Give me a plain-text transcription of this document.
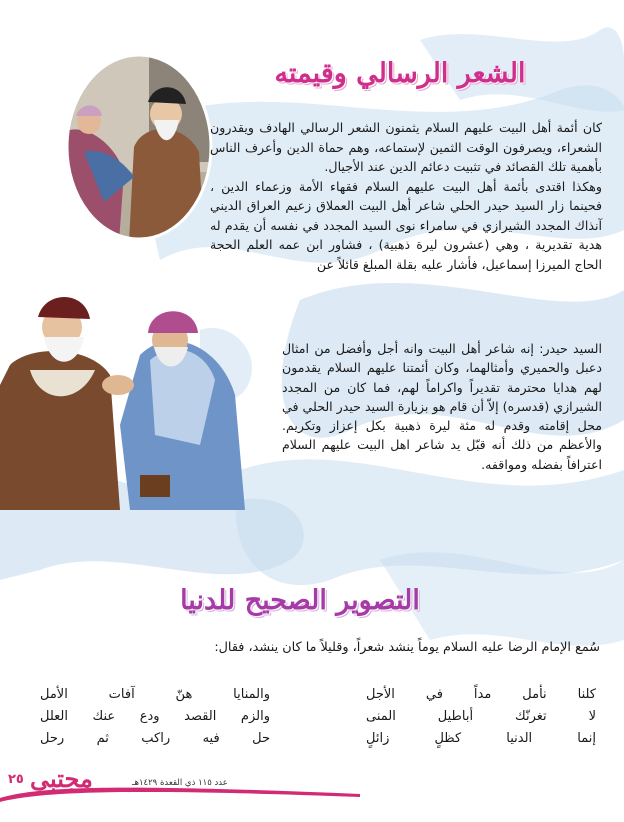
الشعر الرسالي وقيمته

كان أئمة أهل البيت عليهم السلام يثمنون الشعر الرسالي الهادف ويقدرون الشعراء، ويصرفون الوقت الثمين لإستماعه، وهم حماة الدين وأعرف الناس بأهمية تلك القصائد في تثبيت دعائم الدين عند الأجيال.

وهكذا اقتدى بأئمة أهل البيت عليهم السلام فقهاء الأمة وزعماء الدين ، فحينما زار السيد حيدر الحلي شاعر أهل البيت العملاق زعيم العراق الديني آنذاك المجدد الشيرازي في سامراء نوى السيد المجدد في نفسه أن يقدم له هدية تقديرية ، وهي (عشرون ليرة ذهبية) ، فشاور ابن عمه العلم الحجة الحاج الميرزا إسماعيل، فأشار عليه بقلة المبلغ قائلاً عن

السيد حيدر: إنه شاعر أهل البيت وانه أجل وأفضل من امثال دعبل والحميري وأمثالهما، وكان أئمتنا عليهم السلام يقدمون لهم هدايا محترمة تقديراً واكراماً لهم، فما كان من المجدد الشيرازي (قدسره) إلاّ أن قام هو بزيارة السيد حيدر الحلي في محل إقامته وقدم له مئة ليرة ذهبية بكل إعزاز وتكريم. والأعظم من ذلك أنه قبّل يد شاعر اهل البيت عليهم السلام اعترافاً بفضله ومواقفه.

التصوير الصحيح للدنيا
سُمع الإمام الرضا عليه السلام يوماً ينشد شعراً، وقليلاً ما كان ينشد، فقال:
كلنا نأمل مداً في الأجل
والمنايا هنّ آفات الأمل
لا تغرنّك أباطيل المنى
والزم القصد ودع عنك العلل
إنما الدنيا كظلٍ زائلٍ
حل فيه راكب ثم رحل
٢٥ مجتبى	عدد ١١٥ ذي القعدة ١٤٢٩هـ
